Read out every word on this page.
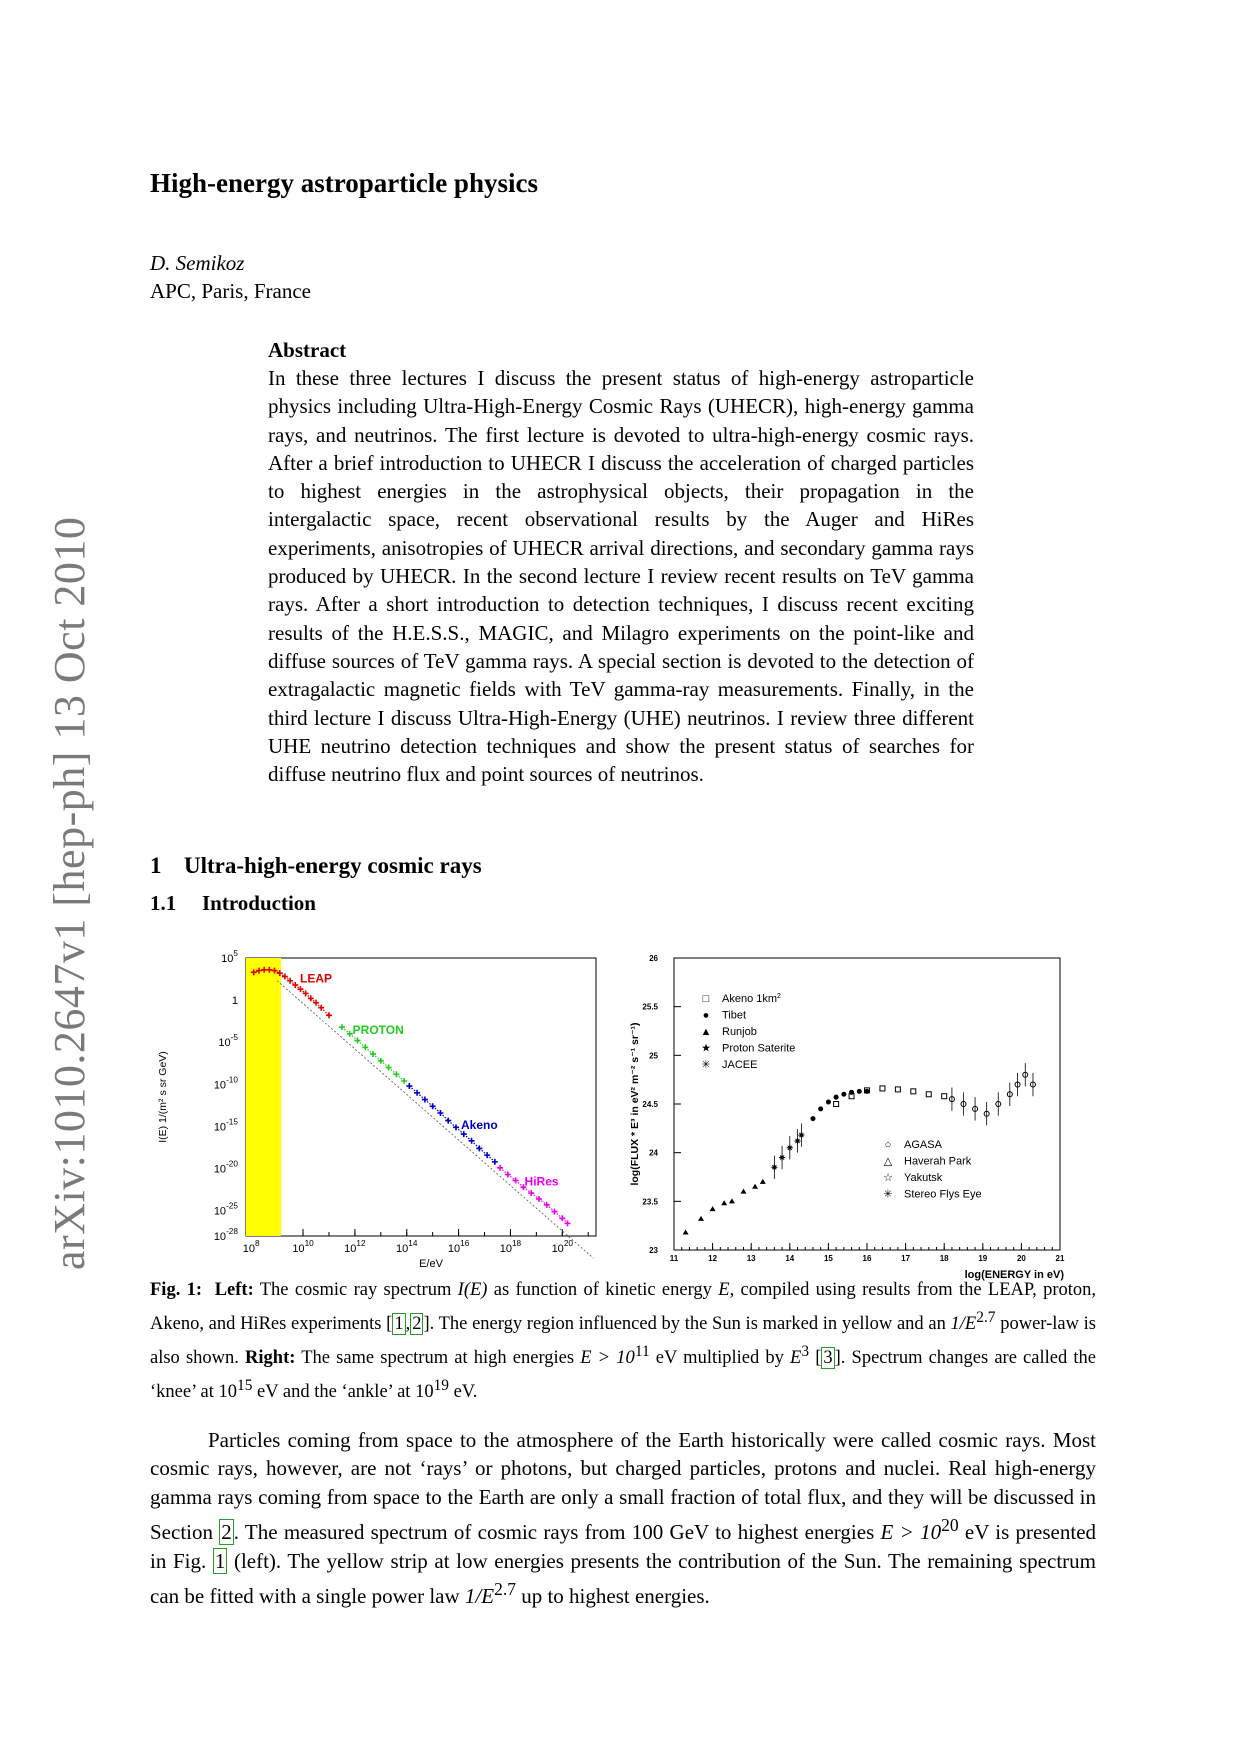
arXiv:1010.2647v1 [hep-ph] 13 Oct 2010
High-energy astroparticle physics
D. Semikoz
APC, Paris, France
Abstract
In these three lectures I discuss the present status of high-energy astroparticle physics including Ultra-High-Energy Cosmic Rays (UHECR), high-energy gamma rays, and neutrinos. The first lecture is devoted to ultra-high-energy cosmic rays. After a brief introduction to UHECR I discuss the acceleration of charged particles to highest energies in the astrophysical objects, their propagation in the intergalactic space, recent observational results by the Auger and HiRes experiments, anisotropies of UHECR arrival directions, and secondary gamma rays produced by UHECR. In the second lecture I review recent results on TeV gamma rays. After a short introduction to detection techniques, I discuss recent exciting results of the H.E.S.S., MAGIC, and Milagro experiments on the point-like and diffuse sources of TeV gamma rays. A special section is devoted to the detection of extragalactic magnetic fields with TeV gamma-ray measurements. Finally, in the third lecture I discuss Ultra-High-Energy (UHE) neutrinos. I review three different UHE neutrino detection techniques and show the present status of searches for diffuse neutrino flux and point sources of neutrinos.
1 Ultra-high-energy cosmic rays
1.1 Introduction
$10^8$	$10^{10}$	$10^{12}$	$10^{14}$	$10^{16}$	$10^{18}$	$10^{20}$
$10^5$
1
$10^{-5}$
$10^{-10}$
$10^{-15}$
$10^{-20}$
$10^{-25}$
$10^{-28}$
E/eV
I(E) 1/(m² s sr GeV)
LEAP
PROTON
Akeno
HiRes
11	12	13	14	15	16	17	18	19	20	21
23
23.5
24
24.5
25
25.5
26
log(ENERGY in eV)
log(FLUX * E³ in eV² m⁻² s⁻¹ sr⁻¹)
□ Akeno $1km^2$
● Tibet
▲ Runjob
★ Proton Saterite
✳ JACEE
○ AGASA
△ Haverah Park
☆ Yakutsk
✳ Stereo Flys Eye
Fig. 1: Left: The cosmic ray spectrum I(E) as function of kinetic energy E, compiled using results from the LEAP, proton, Akeno, and HiRes experiments [ 1 , 2 ]. The energy region influenced by the Sun is marked in yellow and an $1/E^{2.7}$ power-law is also shown. Right: The same spectrum at high energies $E > 10^{11}$ eV multiplied by $E^3$ [ 3 ]. Spectrum changes are called the ‘knee’ at $10^{15}$ eV and the ‘ankle’ at $10^{19}$ eV.
Particles coming from space to the atmosphere of the Earth historically were called cosmic rays. Most cosmic rays, however, are not ‘rays’ or photons, but charged particles, protons and nuclei. Real high-energy gamma rays coming from space to the Earth are only a small fraction of total flux, and they will be discussed in Section 2. The measured spectrum of cosmic rays from 100 GeV to highest energies $E > 10^{20}$ eV is presented in Fig. 1 (left). The yellow strip at low energies presents the contribution of the Sun. The remaining spectrum can be fitted with a single power law $1/E^{2.7}$ up to highest energies.
